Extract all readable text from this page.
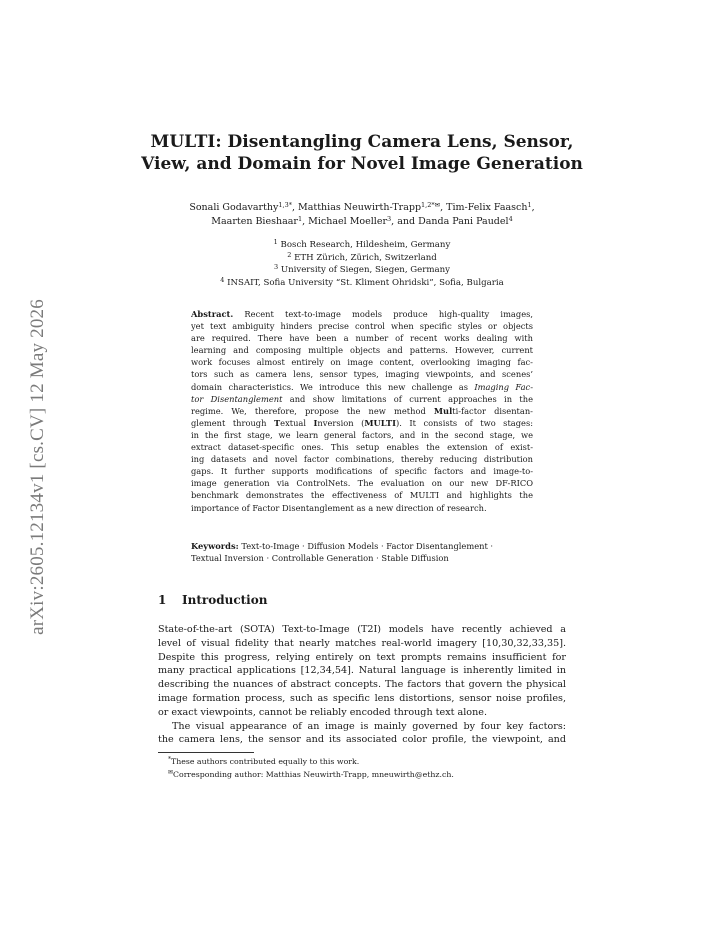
arXiv:2605.12134v1 [cs.CV] 12 May 2026
MULTI: Disentangling Camera Lens, Sensor,
View, and Domain for Novel Image Generation
Sonali Godavarthy$^{1,3*}$, Matthias Neuwirth-Trapp$^{1,2*✉}$, Tim-Felix Faasch$^1$,
Maarten Bieshaar$^1$, Michael Moeller$^3$, and Danda Pani Paudel$^4$
$^1$ Bosch Research, Hildesheim, Germany
$^2$ ETH Zürich, Zürich, Switzerland
$^3$ University of Siegen, Siegen, Germany
$^4$ INSAIT, Sofia University “St. Kliment Ohridski”, Sofia, Bulgaria
Abstract. Recent text-to-image models produce high-quality images,
yet text ambiguity hinders precise control when specific styles or objects
are required. There have been a number of recent works dealing with
learning and composing multiple objects and patterns. However, current
work focuses almost entirely on image content, overlooking imaging fac-
tors such as camera lens, sensor types, imaging viewpoints, and scenes’
domain characteristics. We introduce this new challenge as Imaging Fac-
tor Disentanglement and show limitations of current approaches in the
regime. We, therefore, propose the new method Multi-factor disentan-
glement through Textual Inversion (MULTI). It consists of two stages:
in the first stage, we learn general factors, and in the second stage, we
extract dataset-specific ones. This setup enables the extension of exist-
ing datasets and novel factor combinations, thereby reducing distribution
gaps. It further supports modifications of specific factors and image-to-
image generation via ControlNets. The evaluation on our new DF-RICO
benchmark demonstrates the effectiveness of MULTI and highlights the
importance of Factor Disentanglement as a new direction of research.
Keywords: Text-to-Image · Diffusion Models · Factor Disentanglement ·
Textual Inversion · Controllable Generation · Stable Diffusion
1 Introduction
State-of-the-art (SOTA) Text-to-Image (T2I) models have recently achieved a
level of visual fidelity that nearly matches real-world imagery [10,30,32,33,35].
Despite this progress, relying entirely on text prompts remains insufficient for
many practical applications [12,34,54]. Natural language is inherently limited in
describing the nuances of abstract concepts. The factors that govern the physical
image formation process, such as specific lens distortions, sensor noise profiles,
or exact viewpoints, cannot be reliably encoded through text alone.
The visual appearance of an image is mainly governed by four key factors:
the camera lens, the sensor and its associated color profile, the viewpoint, and
*These authors contributed equally to this work.
✉Corresponding author: Matthias Neuwirth-Trapp, mneuwirth@ethz.ch.
